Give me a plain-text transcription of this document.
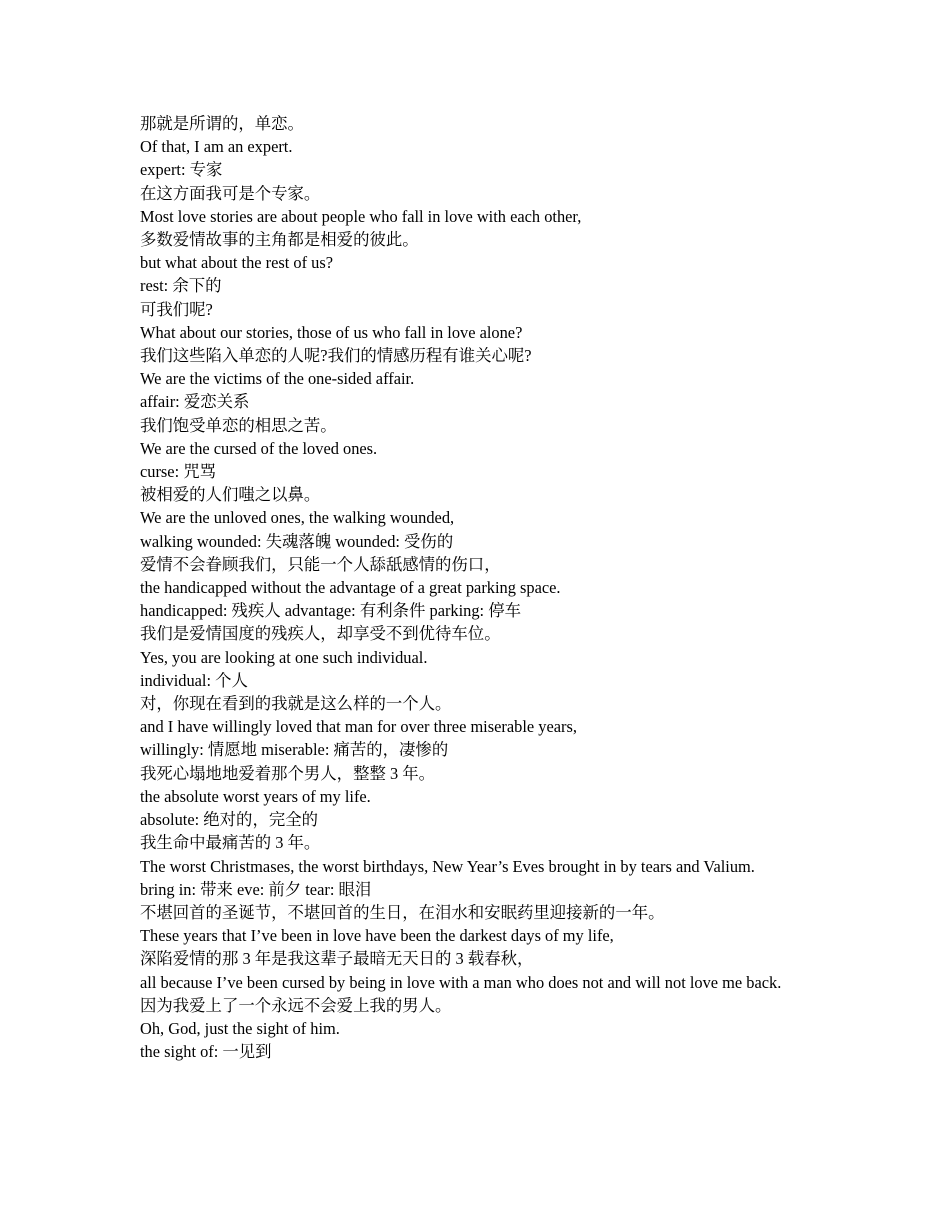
那就是所谓的，单恋。
Of that, I am an expert.
expert: 专家
在这方面我可是个专家。
Most love stories are about people who fall in love with each other,
多数爱情故事的主角都是相爱的彼此。
but what about the rest of us?
rest: 余下的
可我们呢?
What about our stories, those of us who fall in love alone?
我们这些陷入单恋的人呢?我们的情感历程有谁关心呢?
We are the victims of the one-sided affair.
affair: 爱恋关系
我们饱受单恋的相思之苦。
We are the cursed of the loved ones.
curse: 咒骂
被相爱的人们嗤之以鼻。
We are the unloved ones, the walking wounded,
walking wounded: 失魂落魄 wounded: 受伤的
爱情不会眷顾我们，只能一个人舔舐感情的伤口，
the handicapped without the advantage of a great parking space.
handicapped: 残疾人 advantage: 有利条件 parking: 停车
我们是爱情国度的残疾人，却享受不到优待车位。
Yes, you are looking at one such individual.
individual: 个人
对，你现在看到的我就是这么样的一个人。
and I have willingly loved that man for over three miserable years,
willingly: 情愿地 miserable: 痛苦的，凄惨的
我死心塌地地爱着那个男人，整整 3 年。
the absolute worst years of my life.
absolute: 绝对的，完全的
我生命中最痛苦的 3 年。
The worst Christmases, the worst birthdays, New Year’s Eves brought in by tears and Valium.
bring in: 带来 eve: 前夕 tear: 眼泪
不堪回首的圣诞节，不堪回首的生日，在泪水和安眠药里迎接新的一年。
These years that I’ve been in love have been the darkest days of my life,
深陷爱情的那 3 年是我这辈子最暗无天日的 3 载春秋，
all because I’ve been cursed by being in love with a man who does not and will not love me back.
因为我爱上了一个永远不会爱上我的男人。
Oh, God, just the sight of him.
the sight of: 一见到
